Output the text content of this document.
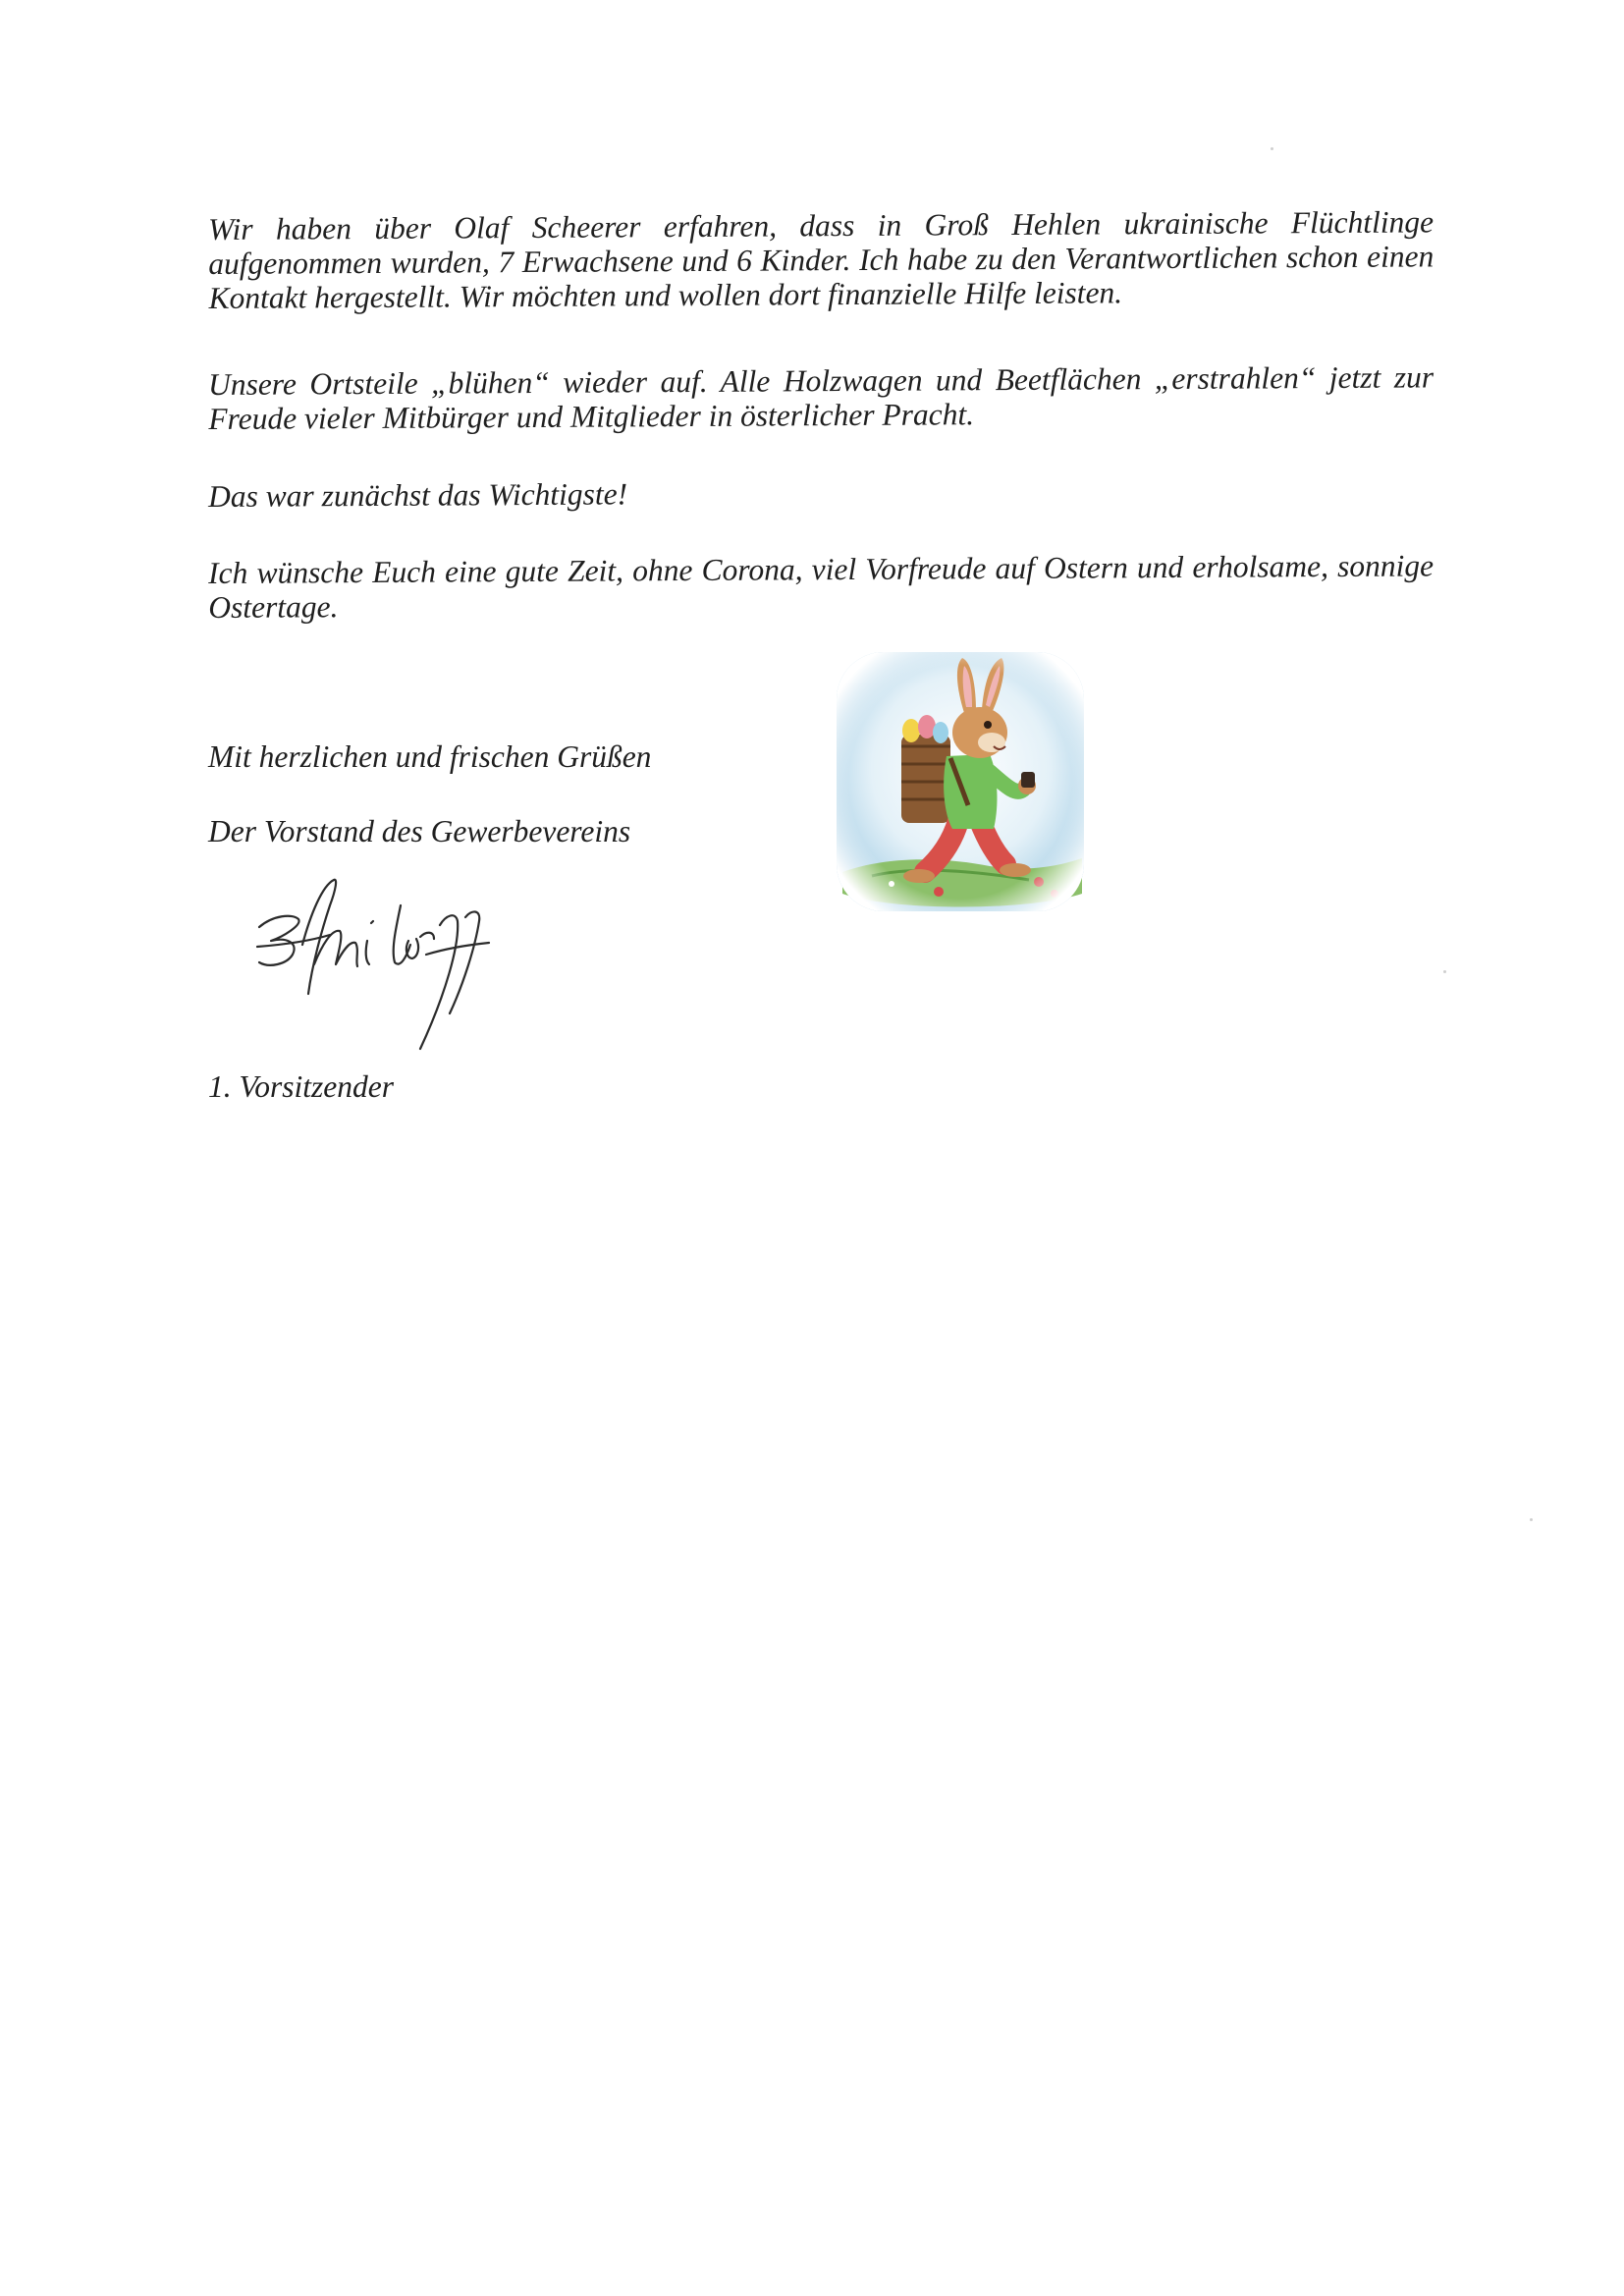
Wir haben über Olaf Scheerer erfahren, dass in Groß Hehlen ukrainische Flüchtlinge aufgenommen wurden, 7 Erwachsene und 6 Kinder. Ich habe zu den Verantwortlichen schon einen Kontakt hergestellt. Wir möchten und wollen dort finanzielle Hilfe leisten.

Unsere Ortsteile „blühen“ wieder auf. Alle Holzwagen und Beetflächen „erstrahlen“ jetzt zur Freude vieler Mitbürger und Mitglieder in österlicher Pracht.

Das war zunächst das Wichtigste!

Ich wünsche Euch eine gute Zeit, ohne Corona, viel Vorfreude auf Ostern und erholsame, sonnige Ostertage.

Mit herzlichen und frischen Grüßen

Der Vorstand des Gewerbevereins

1. Vorsitzender
